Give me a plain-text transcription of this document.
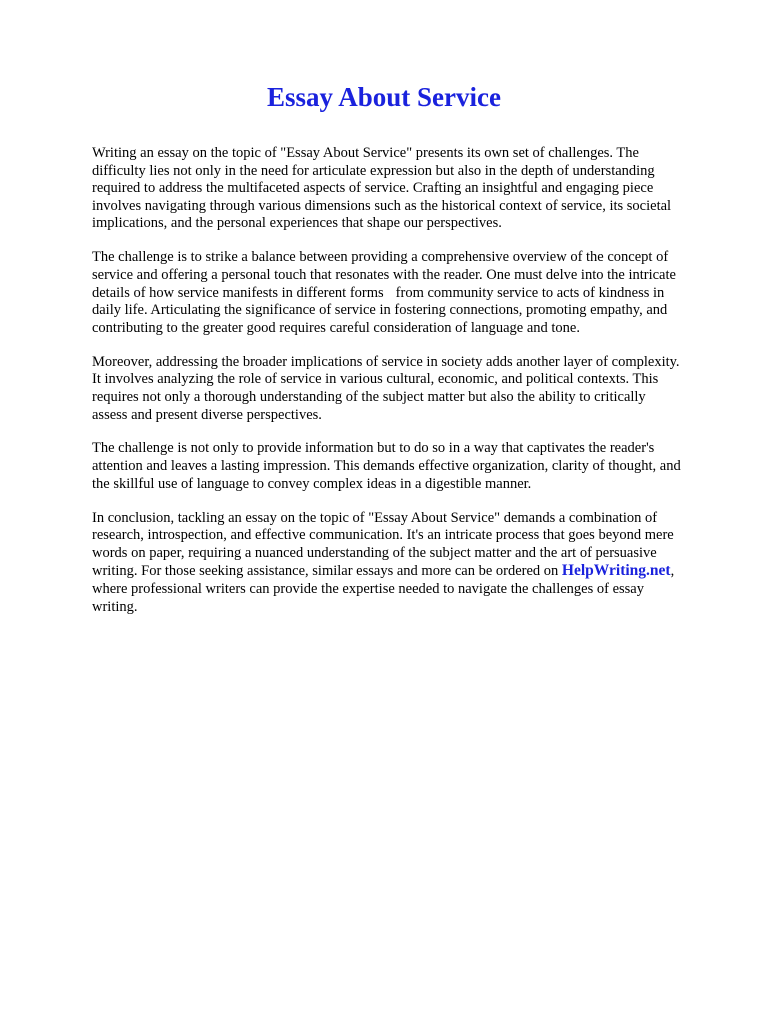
Essay About Service

Writing an essay on the topic of "Essay About Service" presents its own set of challenges. The
difficulty lies not only in the need for articulate expression but also in the depth of understanding
required to address the multifaceted aspects of service. Crafting an insightful and engaging piece
involves navigating through various dimensions such as the historical context of service, its societal
implications, and the personal experiences that shape our perspectives.

The challenge is to strike a balance between providing a comprehensive overview of the concept of
service and offering a personal touch that resonates with the reader. One must delve into the intricate
details of how service manifests in different forms from community service to acts of kindness in
daily life. Articulating the significance of service in fostering connections, promoting empathy, and
contributing to the greater good requires careful consideration of language and tone.

Moreover, addressing the broader implications of service in society adds another layer of complexity.
It involves analyzing the role of service in various cultural, economic, and political contexts. This
requires not only a thorough understanding of the subject matter but also the ability to critically
assess and present diverse perspectives.

The challenge is not only to provide information but to do so in a way that captivates the reader's
attention and leaves a lasting impression. This demands effective organization, clarity of thought, and
the skillful use of language to convey complex ideas in a digestible manner.

In conclusion, tackling an essay on the topic of "Essay About Service" demands a combination of
research, introspection, and effective communication. It's an intricate process that goes beyond mere
words on paper, requiring a nuanced understanding of the subject matter and the art of persuasive
writing. For those seeking assistance, similar essays and more can be ordered on HelpWriting.net,
where professional writers can provide the expertise needed to navigate the challenges of essay
writing.
